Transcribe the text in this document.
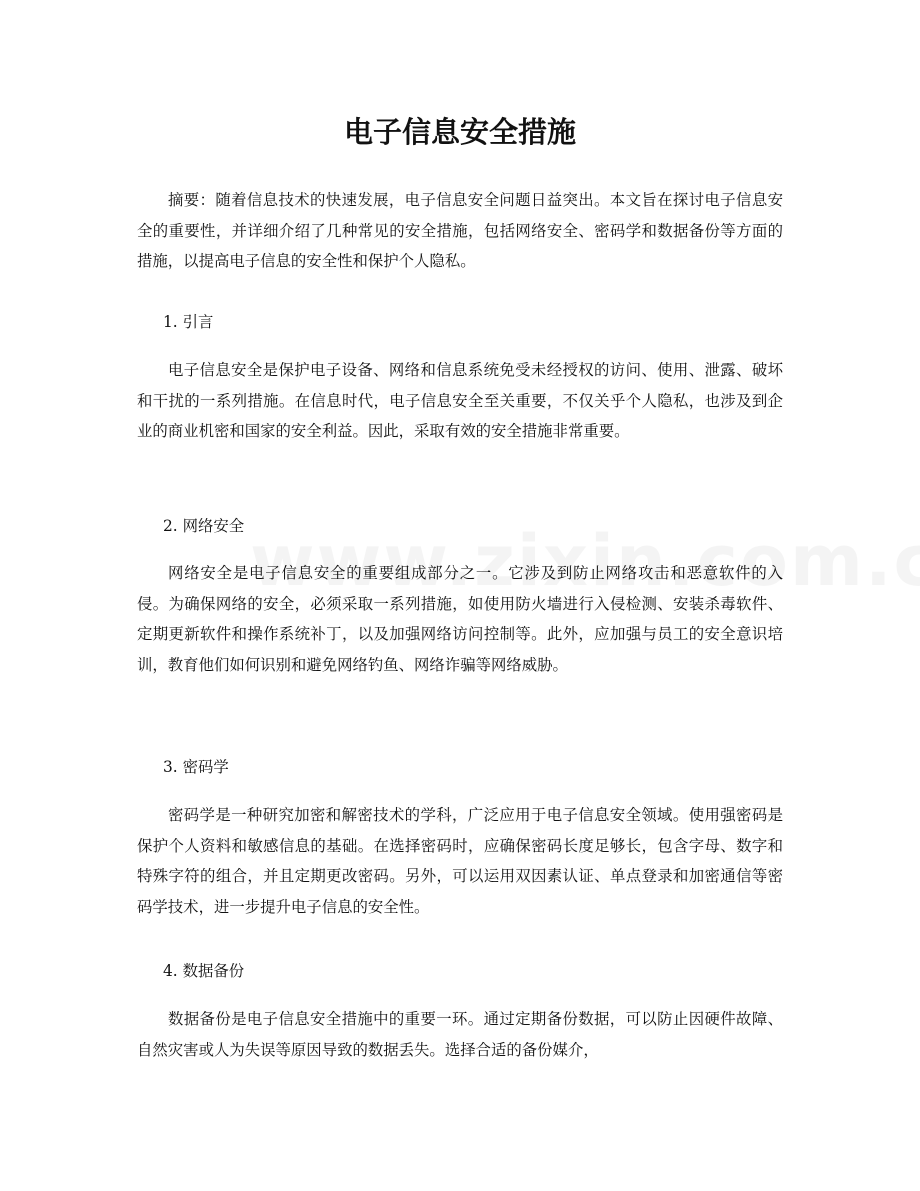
电子信息安全措施

摘要：随着信息技术的快速发展，电子信息安全问题日益突出。本文旨在探讨电子信息安全的重要性，并详细介绍了几种常见的安全措施，包括网络安全、密码学和数据备份等方面的措施，以提高电子信息的安全性和保护个人隐私。

1. 引言

电子信息安全是保护电子设备、网络和信息系统免受未经授权的访问、使用、泄露、破坏和干扰的一系列措施。在信息时代，电子信息安全至关重要，不仅关乎个人隐私，也涉及到企业的商业机密和国家的安全利益。因此，采取有效的安全措施非常重要。

2. 网络安全

网络安全是电子信息安全的重要组成部分之一。它涉及到防止网络攻击和恶意软件的入侵。为确保网络的安全，必须采取一系列措施，如使用防火墙进行入侵检测、安装杀毒软件、定期更新软件和操作系统补丁，以及加强网络访问控制等。此外，应加强与员工的安全意识培训，教育他们如何识别和避免网络钓鱼、网络诈骗等网络威胁。

3. 密码学

密码学是一种研究加密和解密技术的学科，广泛应用于电子信息安全领域。使用强密码是保护个人资料和敏感信息的基础。在选择密码时，应确保密码长度足够长，包含字母、数字和特殊字符的组合，并且定期更改密码。另外，可以运用双因素认证、单点登录和加密通信等密码学技术，进一步提升电子信息的安全性。

4. 数据备份

数据备份是电子信息安全措施中的重要一环。通过定期备份数据，可以防止因硬件故障、自然灾害或人为失误等原因导致的数据丢失。选择合适的备份媒介，
